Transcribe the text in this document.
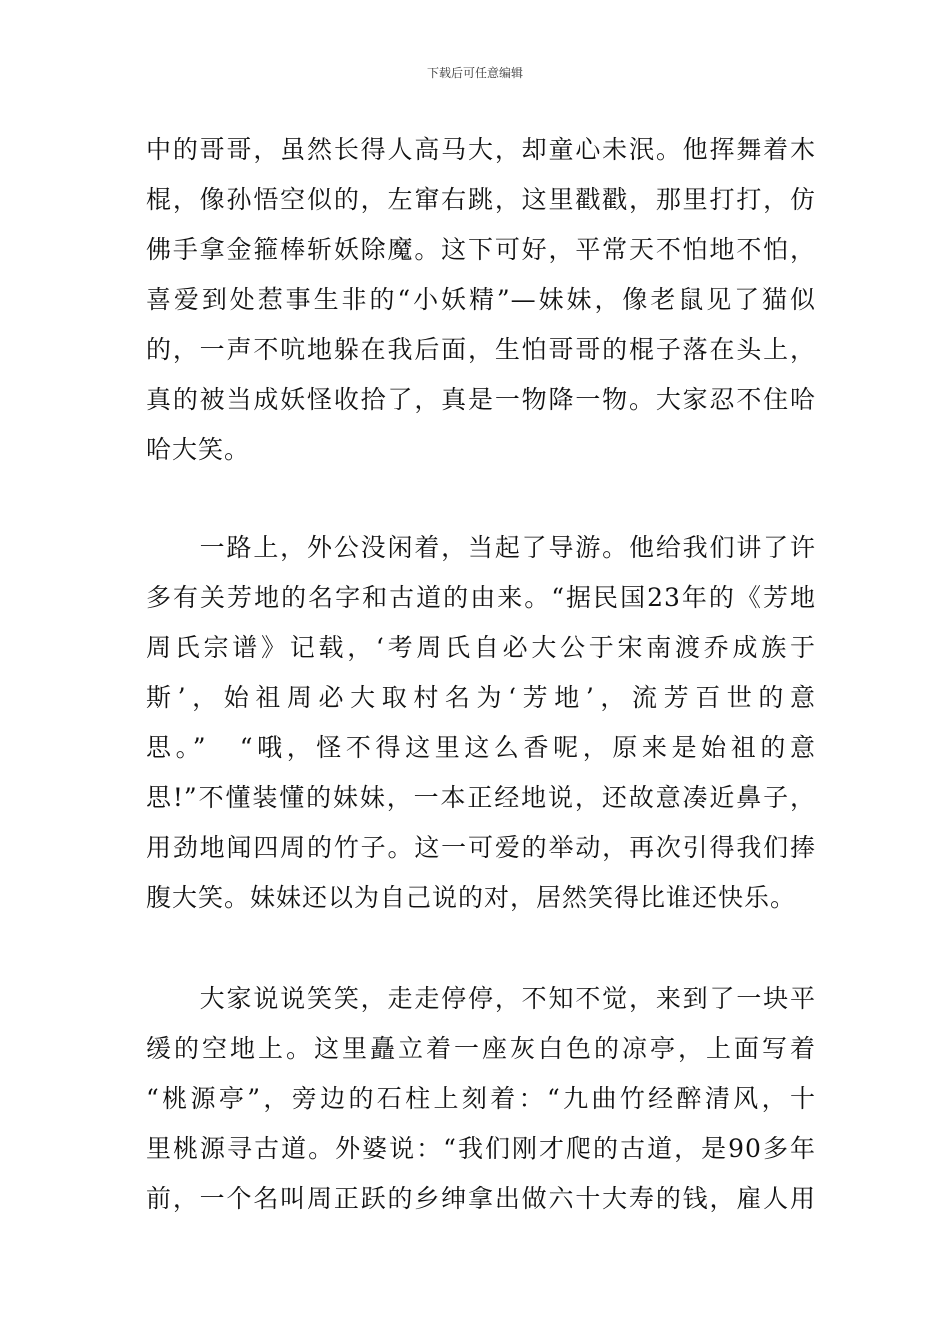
下载后可任意编辑
中的哥哥，虽然长得人高马大，却童心未泯。他挥舞着木
棍，像孙悟空似的，左窜右跳，这里戳戳，那里打打，仿
佛手拿金箍棒斩妖除魔。这下可好，平常天不怕地不怕，
喜爱到处惹事生非的“小妖精”—妹妹，像老鼠见了猫似
的，一声不吭地躲在我后面，生怕哥哥的棍子落在头上，
真的被当成妖怪收拾了，真是一物降一物。大家忍不住哈
哈大笑。
　　一路上，外公没闲着，当起了导游。他给我们讲了许
多有关芳地的名字和古道的由来。“据民国23年的《芳地
周氏宗谱》记载，‘考周氏自必大公于宋南渡乔成族于
斯’，始祖周必大取村名为‘芳地’，流芳百世的意
思。”　“哦，怪不得这里这么香呢，原来是始祖的意
思!”不懂装懂的妹妹，一本正经地说，还故意凑近鼻子，
用劲地闻四周的竹子。这一可爱的举动，再次引得我们捧
腹大笑。妹妹还以为自己说的对，居然笑得比谁还快乐。
　　大家说说笑笑，走走停停，不知不觉，来到了一块平
缓的空地上。这里矗立着一座灰白色的凉亭，上面写着
“桃源亭”，旁边的石柱上刻着：“九曲竹经醉清风，十
里桃源寻古道。外婆说：“我们刚才爬的古道，是90多年
前，一个名叫周正跃的乡绅拿出做六十大寿的钱，雇人用
